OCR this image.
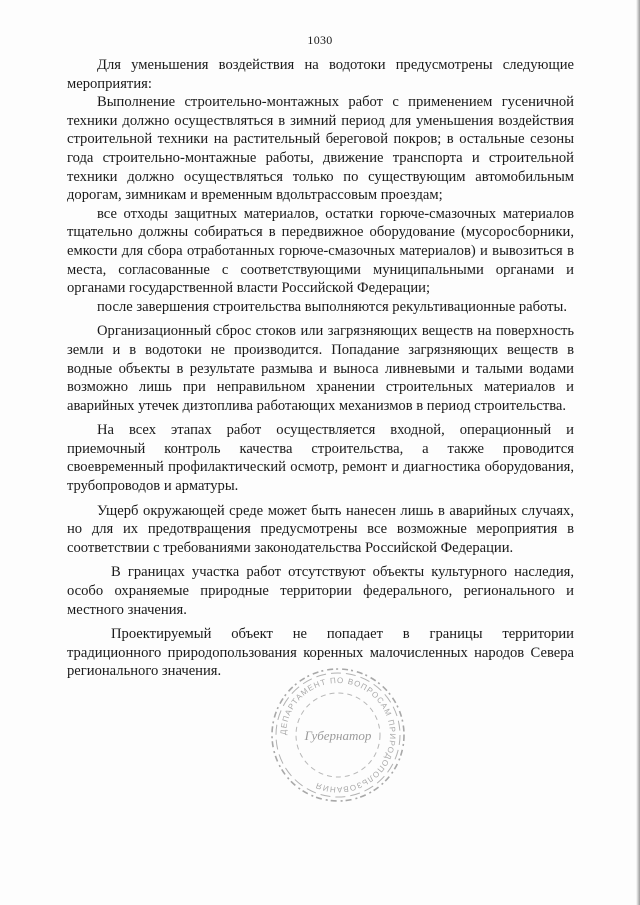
1030

Для уменьшения воздействия на водотоки предусмотрены следующие мероприятия:

Выполнение строительно-монтажных работ с применением гусеничной техники должно осуществляться в зимний период для уменьшения воздействия строительной техники на растительный береговой покров; в остальные сезоны года строительно-монтажные работы, движение транспорта и строительной техники должно осуществляться только по существующим автомобильным дорогам, зимникам и временным вдольтрассовым проездам;

все отходы защитных материалов, остатки горюче-смазочных материалов тщательно должны собираться в передвижное оборудование (мусоросборники, емкости для сбора отработанных горюче-смазочных материалов) и вывозиться в места, согласованные с соответствующими муниципальными органами и органами государственной власти Российской Федерации;

после завершения строительства выполняются рекультивационные работы.

Организационный сброс стоков или загрязняющих веществ на поверхность земли и в водотоки не производится. Попадание загрязняющих веществ в водные объекты в результате размыва и выноса ливневыми и талыми водами возможно лишь при неправильном хранении строительных материалов и аварийных утечек дизтоплива работающих механизмов в период строительства.

На всех этапах работ осуществляется входной, операционный и приемочный контроль качества строительства, а также проводится своевременный профилактический осмотр, ремонт и диагностика оборудования, трубопроводов и арматуры.

Ущерб окружающей среде может быть нанесен лишь в аварийных случаях, но для их предотвращения предусмотрены все возможные мероприятия в соответствии с требованиями законодательства Российской Федерации.

В границах участка работ отсутствуют объекты культурного наследия, особо охраняемые природные территории федерального, регионального и местного значения.

Проектируемый объект не попадает в границы территории традиционного природопользования коренных малочисленных народов Севера регионального значения.

ДЕПАРТАМЕНТ ПО ВОПРОСАМ ПРИРОДОПОЛЬЗОВАНИЯ
Губернатор
